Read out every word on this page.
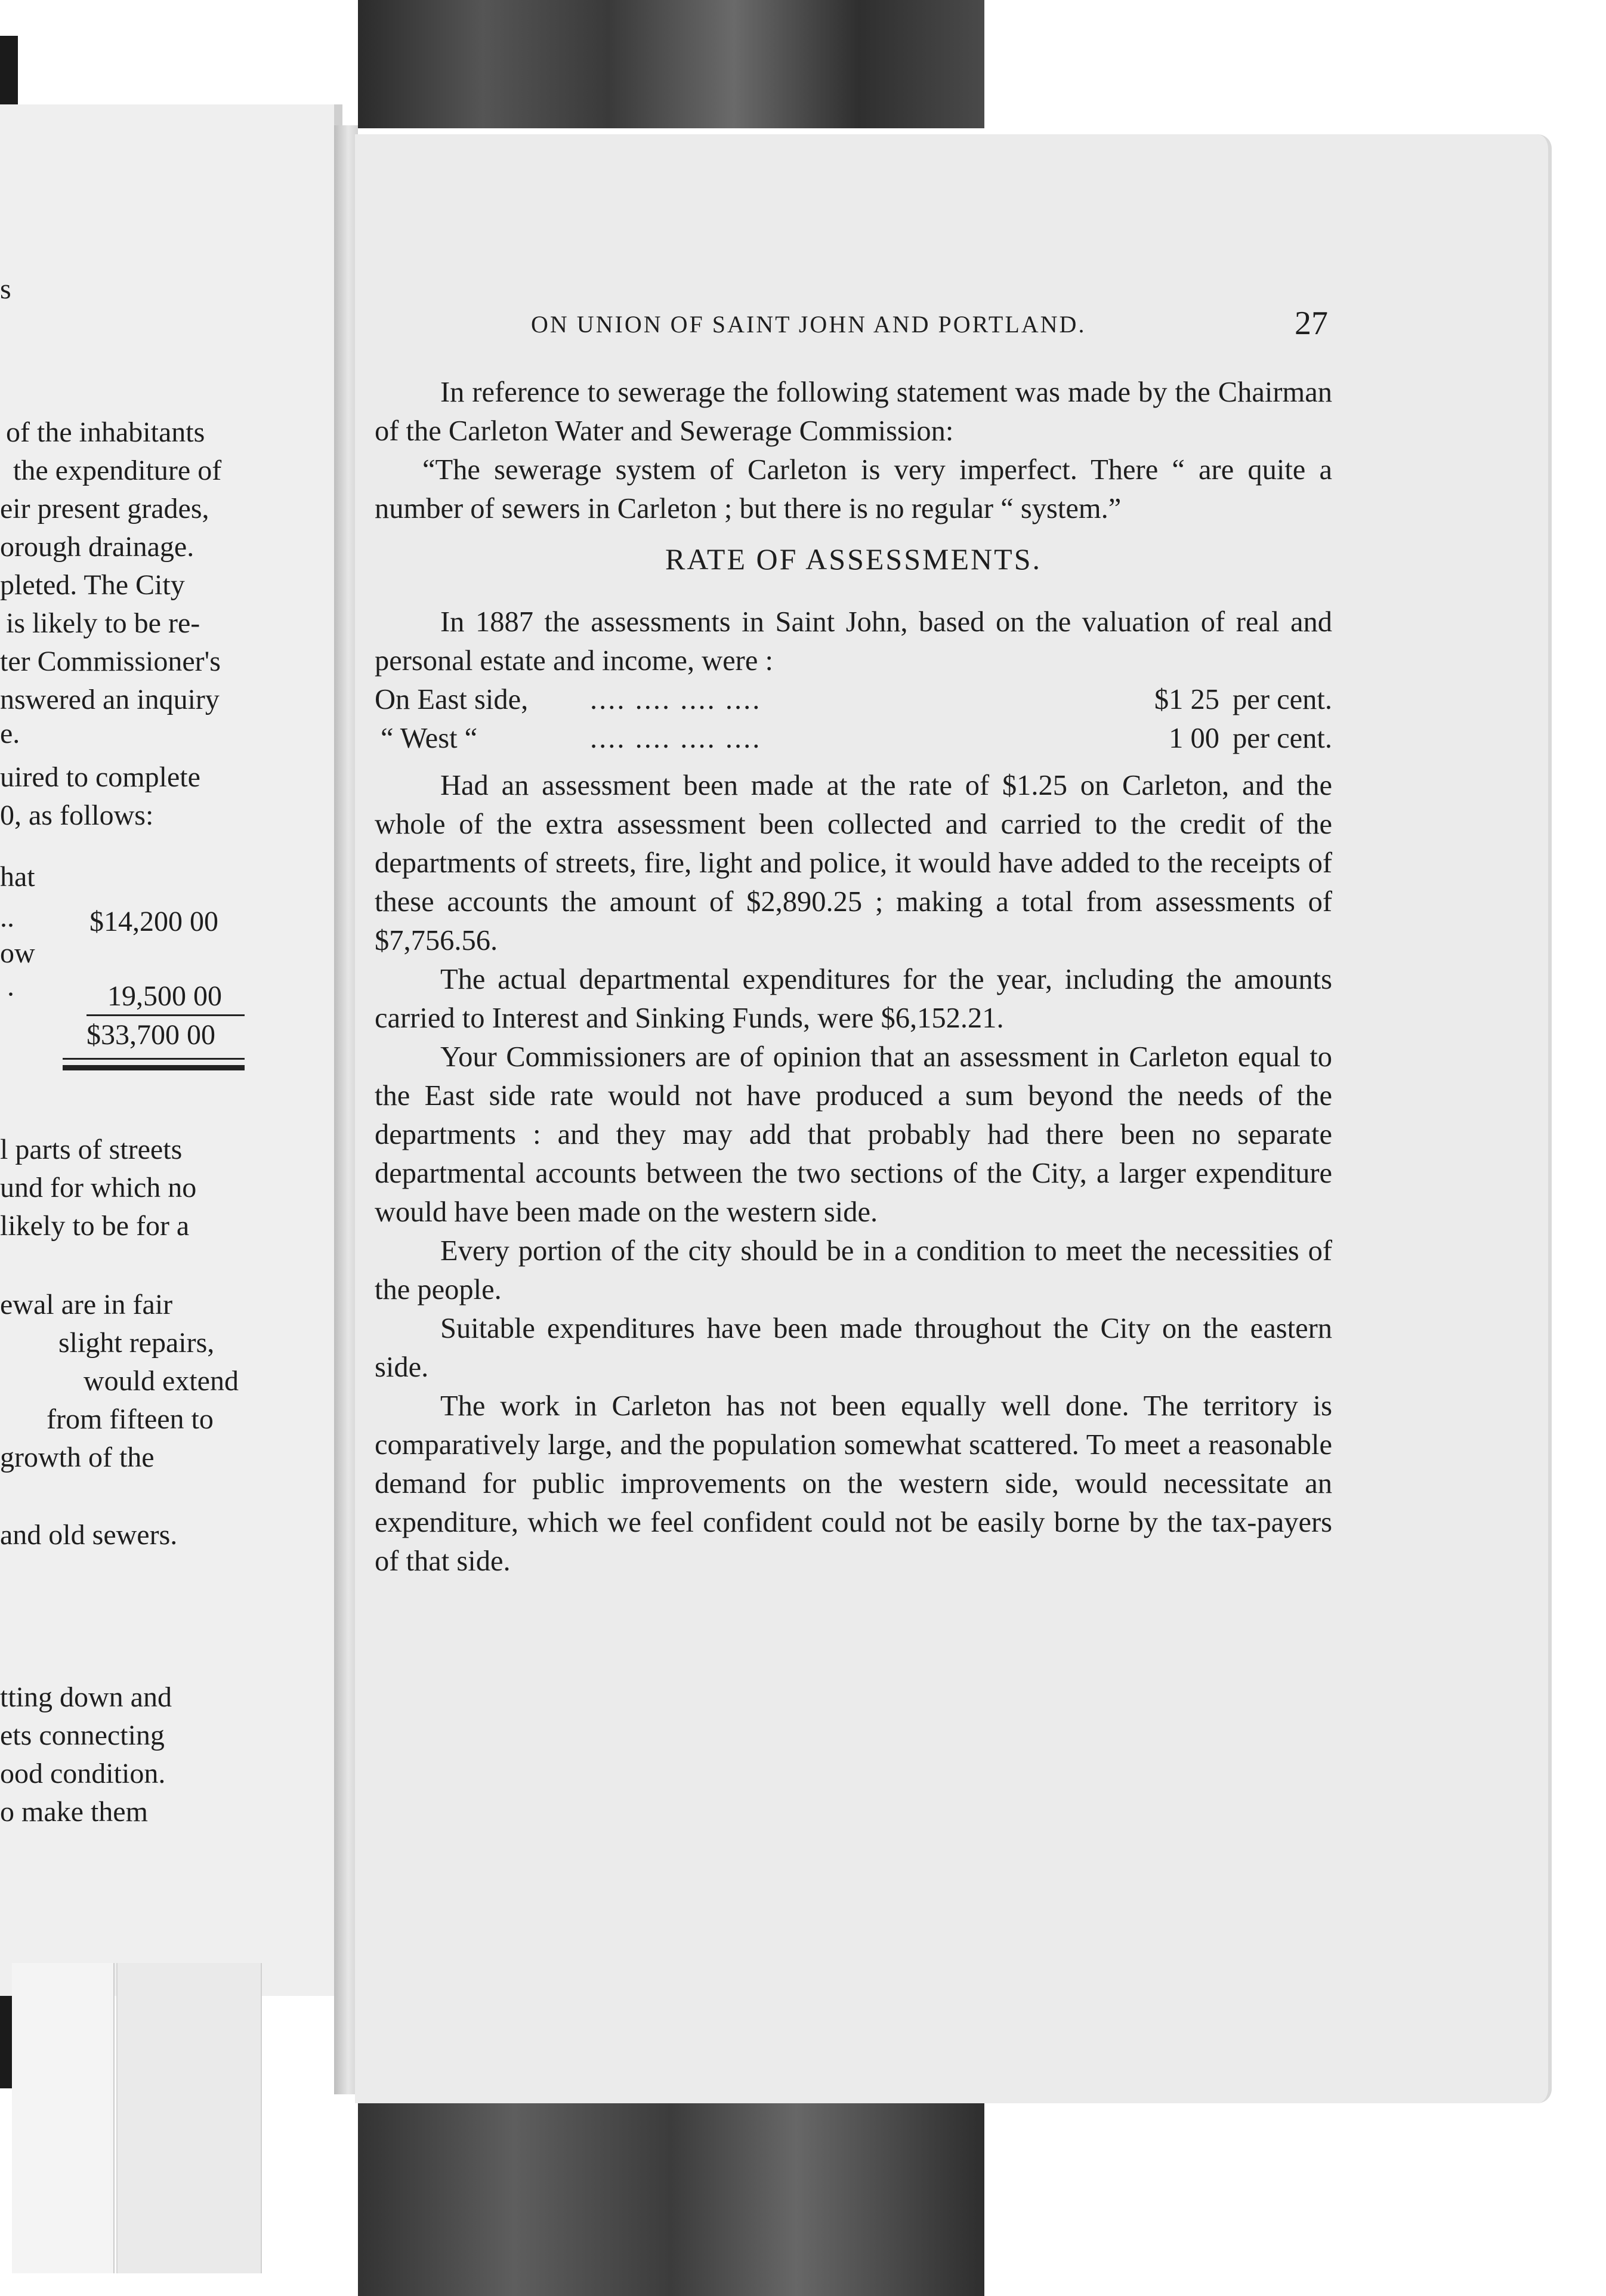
s

of the inhabitants

the expenditure of

eir present grades,

orough drainage.

pleted. The City

is likely to be re-

ter Commissioner's

nswered an inquiry

e.

uired to complete

0, as follows:

hat

..	$14,200 00

ow

·	19,500 00

$33,700 00

l parts of streets

und for which no

likely to be for a

ewal are in fair

slight repairs,

would extend

from fifteen to

growth of the

and old sewers.

tting down and

ets connecting

ood condition.

o make them

ON UNION OF SAINT JOHN AND PORTLAND.	27

In reference to sewerage the following statement was made by the Chairman of the Carleton Water and Sewerage Commission:

“The sewerage system of Carleton is very imperfect. There “ are quite a number of sewers in Carleton ; but there is no regular “ system.”

RATE OF ASSESSMENTS.

In 1887 the assessments in Saint John, based on the valuation of real and personal estate and income, were :

On East side,	.... .... .... ....	$1 25 per cent.
“ West “	.... .... .... ....	1 00 per cent.

Had an assessment been made at the rate of $1.25 on Carleton, and the whole of the extra assessment been collected and carried to the credit of the departments of streets, fire, light and police, it would have added to the receipts of these accounts the amount of $2,890.25 ; making a total from assessments of $7,756.56.

The actual departmental expenditures for the year, including the amounts carried to Interest and Sinking Funds, were $6,152.21.

Your Commissioners are of opinion that an assessment in Carleton equal to the East side rate would not have produced a sum beyond the needs of the departments : and they may add that probably had there been no separate departmental accounts between the two sections of the City, a larger expenditure would have been made on the western side.

Every portion of the city should be in a condition to meet the necessities of the people.

Suitable expenditures have been made throughout the City on the eastern side.

The work in Carleton has not been equally well done. The territory is comparatively large, and the population somewhat scattered. To meet a reasonable demand for public improvements on the western side, would necessitate an expenditure, which we feel confident could not be easily borne by the tax-payers of that side.
